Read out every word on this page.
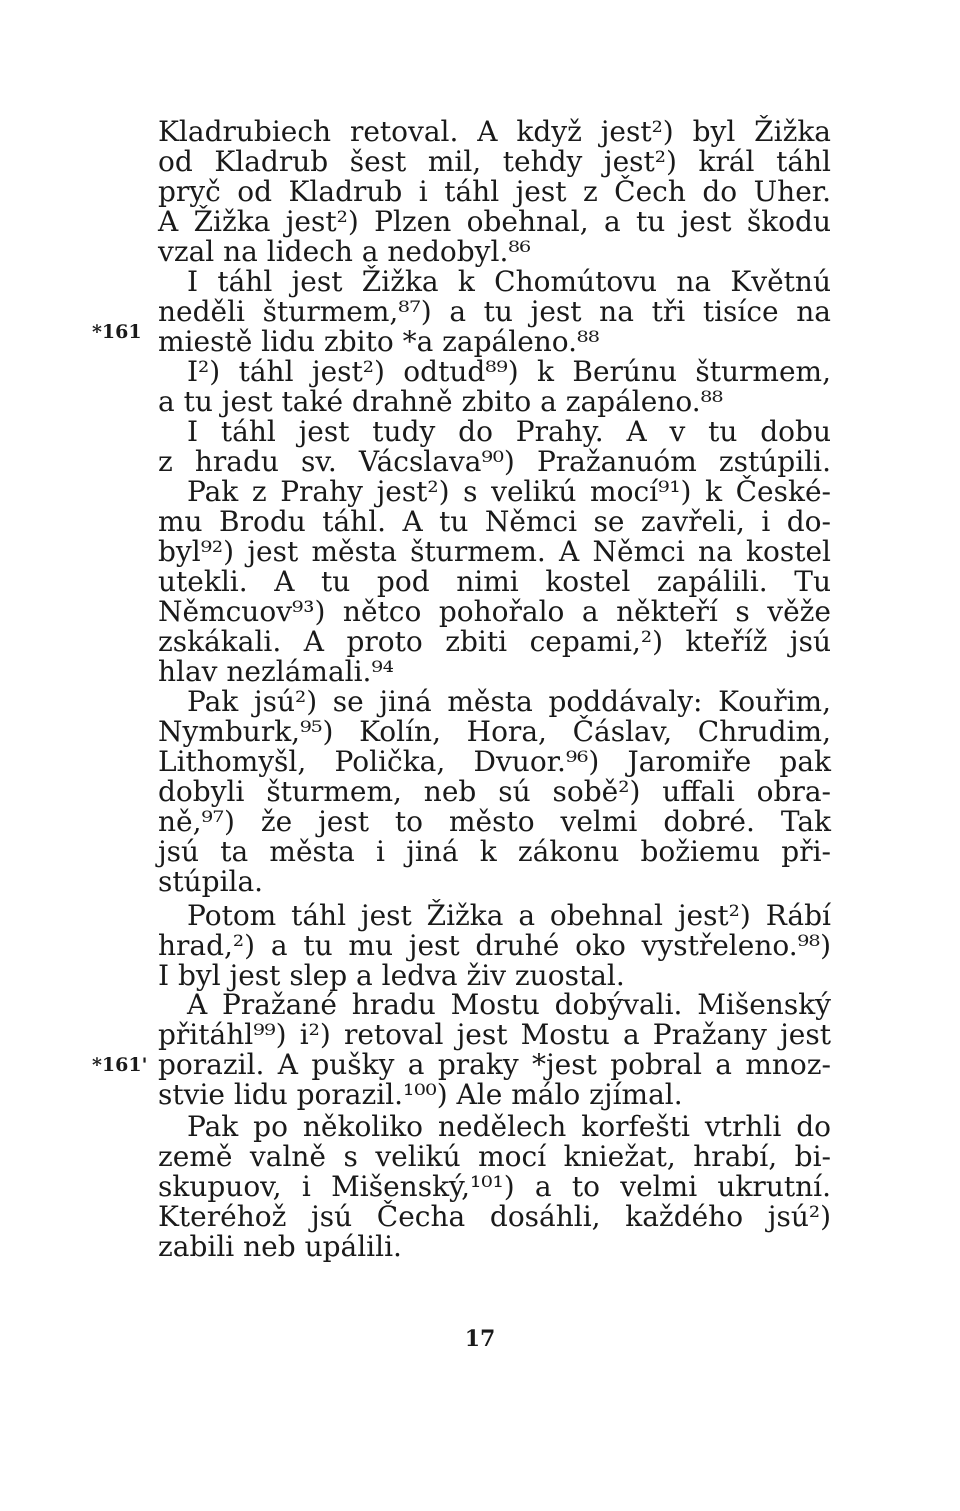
*161
*161'
Kladrubiech retoval. A když jest²) byl Žižka
od Kladrub šest mil, tehdy jest²) král táhl
pryč od Kladrub i táhl jest z Čech do Uher.
A Žižka jest²) Plzen obehnal, a tu jest škodu
vzal na lidech a nedobyl.⁸⁶
I táhl jest Žižka k Chomútovu na Květnú
neděli šturmem,⁸⁷) a tu jest na tři tisíce na
miestě lidu zbito *a zapáleno.⁸⁸
I²) táhl jest²) odtud⁸⁹) k Berúnu šturmem,
a tu jest také drahně zbito a zapáleno.⁸⁸
I táhl jest tudy do Prahy. A v tu dobu
z hradu sv. Vácslava⁹⁰) Pražanuóm zstúpili.
Pak z Prahy jest²) s velikú mocí⁹¹) k České-
mu Brodu táhl. A tu Němci se zavřeli, i do-
byl⁹²) jest města šturmem. A Němci na kostel
utekli. A tu pod nimi kostel zapálili. Tu
Němcuov⁹³) nětco pohořalo a někteří s věže
zskákali. A proto zbiti cepami,²) kteříž jsú
hlav nezlámali.⁹⁴
Pak jsú²) se jiná města poddávaly: Kouřim,
Nymburk,⁹⁵) Kolín, Hora, Čáslav, Chrudim,
Lithomyšl, Polička, Dvuor.⁹⁶) Jaromiře pak
dobyli šturmem, neb sú sobě²) uffali obra-
ně,⁹⁷) že jest to město velmi dobré. Tak
jsú ta města i jiná k zákonu božiemu při-
stúpila.
Potom táhl jest Žižka a obehnal jest²) Rábí
hrad,²) a tu mu jest druhé oko vystřeleno.⁹⁸)
I byl jest slep a ledva živ zuostal.
A Pražané hradu Mostu dobývali. Mišenský
přitáhl⁹⁹) i²) retoval jest Mostu a Pražany jest
porazil. A pušky a praky *jest pobral a mnoz-
stvie lidu porazil.¹⁰⁰) Ale málo zjímal.
Pak po několiko nedělech korfešti vtrhli do
země valně s velikú mocí kniežat, hrabí, bi-
skupuov, i Mišenský,¹⁰¹) a to velmi ukrutní.
Kteréhož jsú Čecha dosáhli, každého jsú²)
zabili neb upálili.
17
